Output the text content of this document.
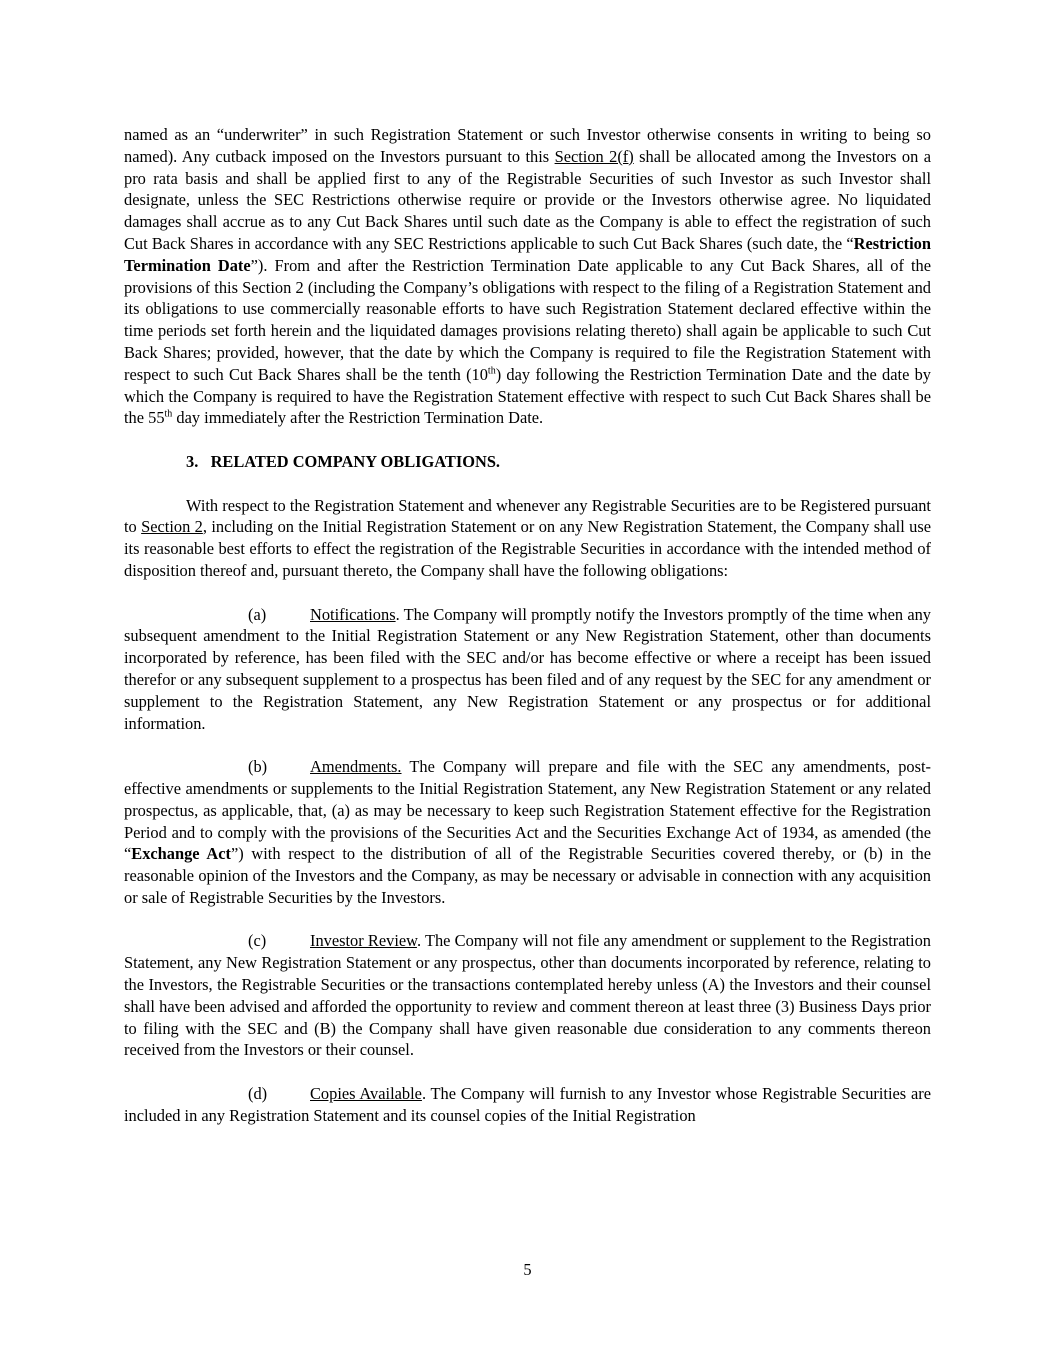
named as an “underwriter” in such Registration Statement or such Investor otherwise consents in writing to being so named). Any cutback imposed on the Investors pursuant to this Section 2(f) shall be allocated among the Investors on a pro rata basis and shall be applied first to any of the Registrable Securities of such Investor as such Investor shall designate, unless the SEC Restrictions otherwise require or provide or the Investors otherwise agree. No liquidated damages shall accrue as to any Cut Back Shares until such date as the Company is able to effect the registration of such Cut Back Shares in accordance with any SEC Restrictions applicable to such Cut Back Shares (such date, the “Restriction Termination Date”). From and after the Restriction Termination Date applicable to any Cut Back Shares, all of the provisions of this Section 2 (including the Company’s obligations with respect to the filing of a Registration Statement and its obligations to use commercially reasonable efforts to have such Registration Statement declared effective within the time periods set forth herein and the liquidated damages provisions relating thereto) shall again be applicable to such Cut Back Shares; provided, however, that the date by which the Company is required to file the Registration Statement with respect to such Cut Back Shares shall be the tenth (10th) day following the Restriction Termination Date and the date by which the Company is required to have the Registration Statement effective with respect to such Cut Back Shares shall be the 55th day immediately after the Restriction Termination Date.

3.   RELATED COMPANY OBLIGATIONS.

With respect to the Registration Statement and whenever any Registrable Securities are to be Registered pursuant to Section 2, including on the Initial Registration Statement or on any New Registration Statement, the Company shall use its reasonable best efforts to effect the registration of the Registrable Securities in accordance with the intended method of disposition thereof and, pursuant thereto, the Company shall have the following obligations:

(a)	Notifications. The Company will promptly notify the Investors promptly of the time when any subsequent amendment to the Initial Registration Statement or any New Registration Statement, other than documents incorporated by reference, has been filed with the SEC and/or has become effective or where a receipt has been issued therefor or any subsequent supplement to a prospectus has been filed and of any request by the SEC for any amendment or supplement to the Registration Statement, any New Registration Statement or any prospectus or for additional information.

(b)	Amendments. The Company will prepare and file with the SEC any amendments, post-effective amendments or supplements to the Initial Registration Statement, any New Registration Statement or any related prospectus, as applicable, that, (a) as may be necessary to keep such Registration Statement effective for the Registration Period and to comply with the provisions of the Securities Act and the Securities Exchange Act of 1934, as amended (the “Exchange Act”) with respect to the distribution of all of the Registrable Securities covered thereby, or (b) in the reasonable opinion of the Investors and the Company, as may be necessary or advisable in connection with any acquisition or sale of Registrable Securities by the Investors.

(c)	Investor Review. The Company will not file any amendment or supplement to the Registration Statement, any New Registration Statement or any prospectus, other than documents incorporated by reference, relating to the Investors, the Registrable Securities or the transactions contemplated hereby unless (A) the Investors and their counsel shall have been advised and afforded the opportunity to review and comment thereon at least three (3) Business Days prior to filing with the SEC and (B) the Company shall have given reasonable due consideration to any comments thereon received from the Investors or their counsel.

(d)	Copies Available. The Company will furnish to any Investor whose Registrable Securities are included in any Registration Statement and its counsel copies of the Initial Registration

5
